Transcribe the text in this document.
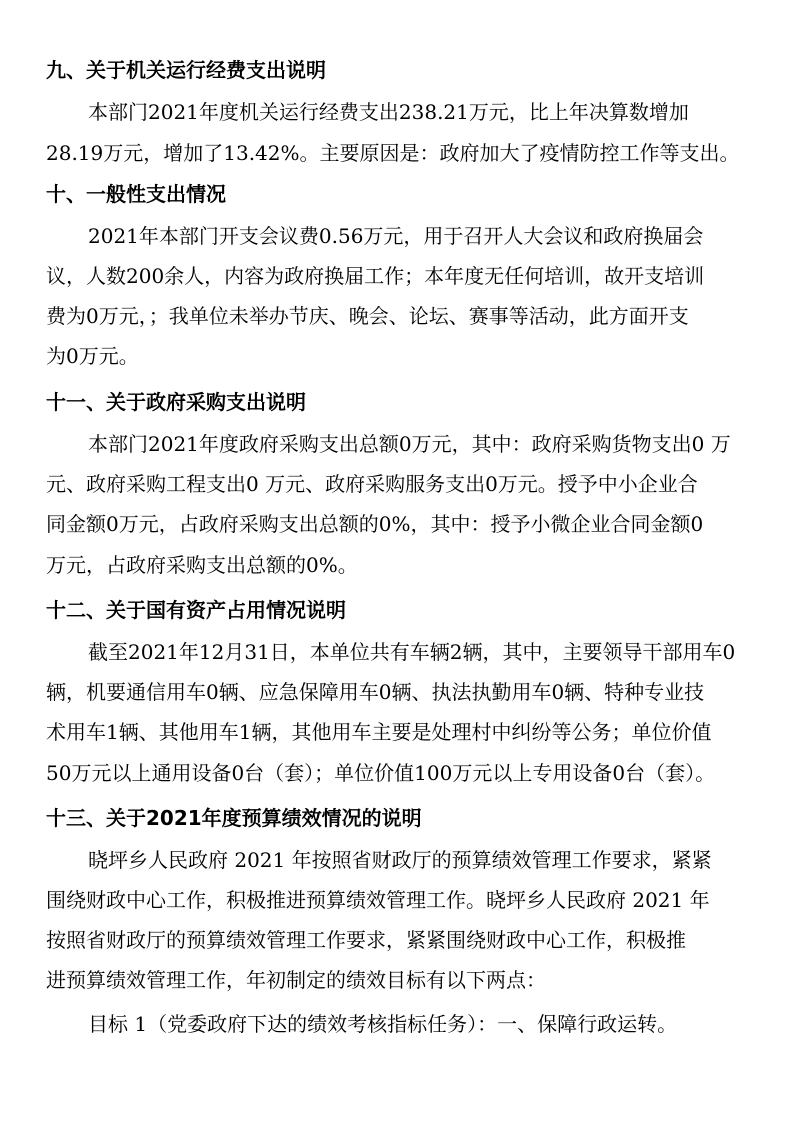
九、关于机关运行经费支出说明
本部门2021年度机关运行经费支出238.21万元，比上年决算数增加
28.19万元，增加了13.42%。主要原因是：政府加大了疫情防控工作等支出。
十、一般性支出情况
2021年本部门开支会议费0.56万元，用于召开人大会议和政府换届会
议，人数200余人，内容为政府换届工作；本年度无任何培训，故开支培训
费为0万元，；我单位未举办节庆、晚会、论坛、赛事等活动，此方面开支
为0万元。
十一、关于政府采购支出说明
本部门2021年度政府采购支出总额0万元，其中：政府采购货物支出0 万
元、政府采购工程支出0 万元、政府采购服务支出0万元。授予中小企业合
同金额0万元，占政府采购支出总额的0%，其中：授予小微企业合同金额0
万元，占政府采购支出总额的0%。
十二、关于国有资产占用情况说明
截至2021年12月31日，本单位共有车辆2辆，其中，主要领导干部用车0
辆，机要通信用车0辆、应急保障用车0辆、执法执勤用车0辆、特种专业技
术用车1辆、其他用车1辆，其他用车主要是处理村中纠纷等公务；单位价值
50万元以上通用设备0台（套）；单位价值100万元以上专用设备0台（套）。
十三、关于2021年度预算绩效情况的说明
晓坪乡人民政府 2021 年按照省财政厅的预算绩效管理工作要求，紧紧
围绕财政中心工作，积极推进预算绩效管理工作。晓坪乡人民政府 2021 年
按照省财政厅的预算绩效管理工作要求，紧紧围绕财政中心工作，积极推
进预算绩效管理工作，年初制定的绩效目标有以下两点：
目标 1（党委政府下达的绩效考核指标任务）：一、保障行政运转。
